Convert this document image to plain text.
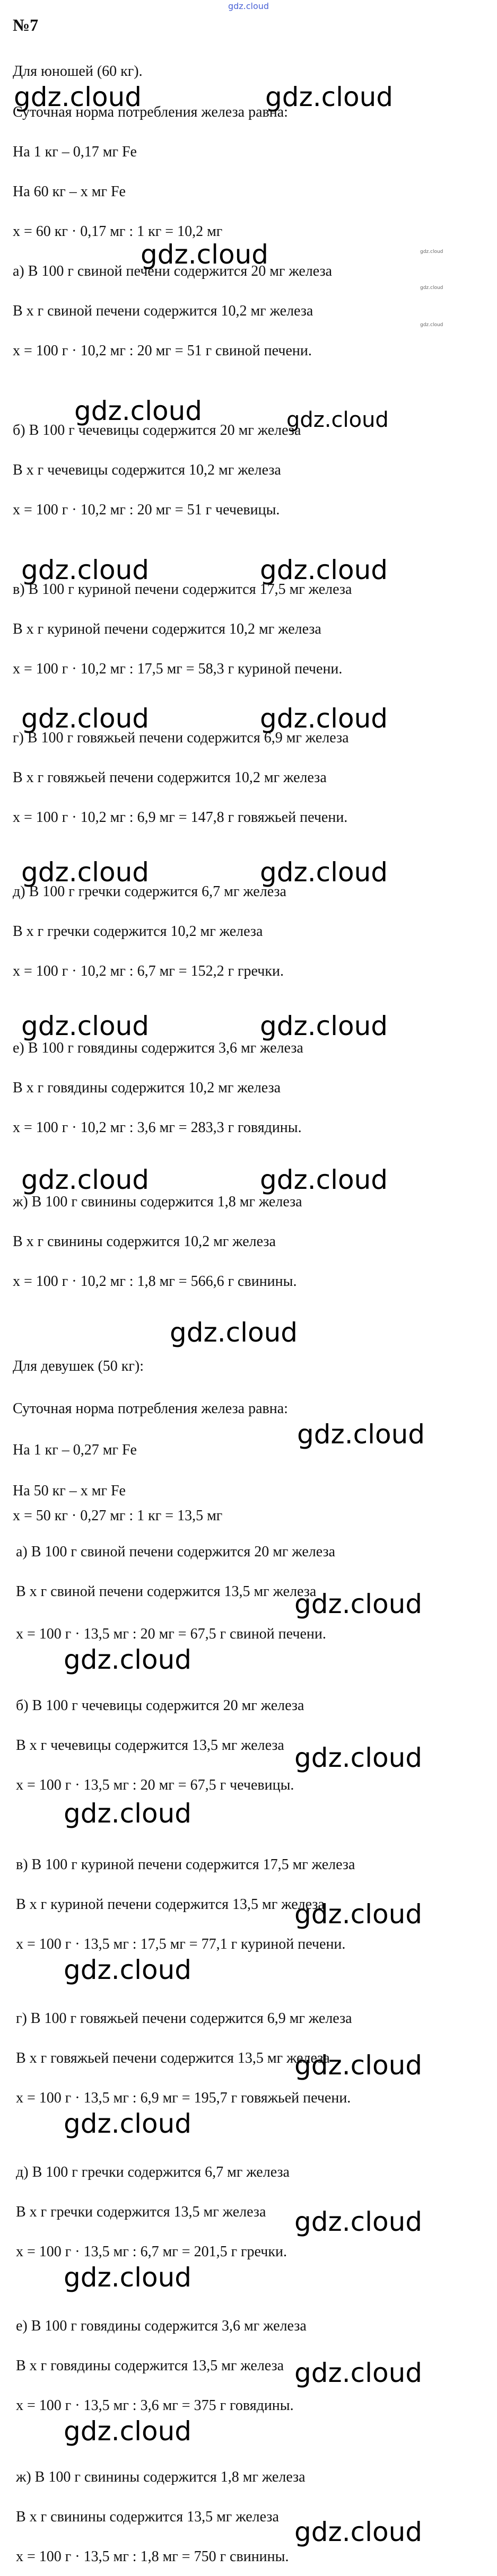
gdz.cloud
№7
Для юношей (60 кг).
Суточная норма потребления железа равна:
На 1 кг – 0,17 мг Fe
На 60 кг – x мг Fe
x = 60 кг · 0,17 мг : 1 кг = 10,2 мг
а) В 100 г свиной печени содержится 20 мг железа
В x г свиной печени содержится 10,2 мг железа
x = 100 г · 10,2 мг : 20 мг = 51 г свиной печени.
б) В 100 г чечевицы содержится 20 мг железа
В x г чечевицы содержится 10,2 мг железа
x = 100 г · 10,2 мг : 20 мг = 51 г чечевицы.
в) В 100 г куриной печени содержится 17,5 мг железа
В x г куриной печени содержится 10,2 мг железа
x = 100 г · 10,2 мг : 17,5 мг = 58,3 г куриной печени.
г) В 100 г говяжьей печени содержится 6,9 мг железа
В x г говяжьей печени содержится 10,2 мг железа
x = 100 г · 10,2 мг : 6,9 мг = 147,8 г говяжьей печени.
д) В 100 г гречки содержится 6,7 мг железа
В x г гречки содержится 10,2 мг железа
x = 100 г · 10,2 мг : 6,7 мг = 152,2 г гречки.
е) В 100 г говядины содержится 3,6 мг железа
В x г говядины содержится 10,2 мг железа
x = 100 г · 10,2 мг : 3,6 мг = 283,3 г говядины.
ж) В 100 г свинины содержится 1,8 мг железа
В x г свинины содержится 10,2 мг железа
x = 100 г · 10,2 мг : 1,8 мг = 566,6 г свинины.
Для девушек (50 кг):
Суточная норма потребления железа равна:
На 1 кг – 0,27 мг Fe
На 50 кг – x мг Fe
x = 50 кг · 0,27 мг : 1 кг = 13,5 мг
а) В 100 г свиной печени содержится 20 мг железа
В x г свиной печени содержится 13,5 мг железа
x = 100 г · 13,5 мг : 20 мг = 67,5 г свиной печени.
б) В 100 г чечевицы содержится 20 мг железа
В x г чечевицы содержится 13,5 мг железа
x = 100 г · 13,5 мг : 20 мг = 67,5 г чечевицы.
в) В 100 г куриной печени содержится 17,5 мг железа
В x г куриной печени содержится 13,5 мг железа
x = 100 г · 13,5 мг : 17,5 мг = 77,1 г куриной печени.
г) В 100 г говяжьей печени содержится 6,9 мг железа
В x г говяжьей печени содержится 13,5 мг железа
x = 100 г · 13,5 мг : 6,9 мг = 195,7 г говяжьей печени.
д) В 100 г гречки содержится 6,7 мг железа
В x г гречки содержится 13,5 мг железа
x = 100 г · 13,5 мг : 6,7 мг = 201,5 г гречки.
е) В 100 г говядины содержится 3,6 мг железа
В x г говядины содержится 13,5 мг железа
x = 100 г · 13,5 мг : 3,6 мг = 375 г говядины.
ж) В 100 г свинины содержится 1,8 мг железа
В x г свинины содержится 13,5 мг железа
x = 100 г · 13,5 мг : 1,8 мг = 750 г свинины.
gdz.cloud	gdz.cloud
gdz.cloud
gdz.cloud	gdz.cloud
gdz.cloud	gdz.cloud
gdz.cloud	gdz.cloud
gdz.cloud	gdz.cloud
gdz.cloud	gdz.cloud
gdz.cloud	gdz.cloud
gdz.cloud
gdz.cloud
gdz.cloud
gdz.cloud
gdz.cloud
gdz.cloud
gdz.cloud
gdz.cloud
gdz.cloud
gdz.cloud
gdz.cloud
gdz.cloud
gdz.cloud
gdz.cloud
gdz.cloud
gdz.cloud
gdz.cloud
gdz.cloud
